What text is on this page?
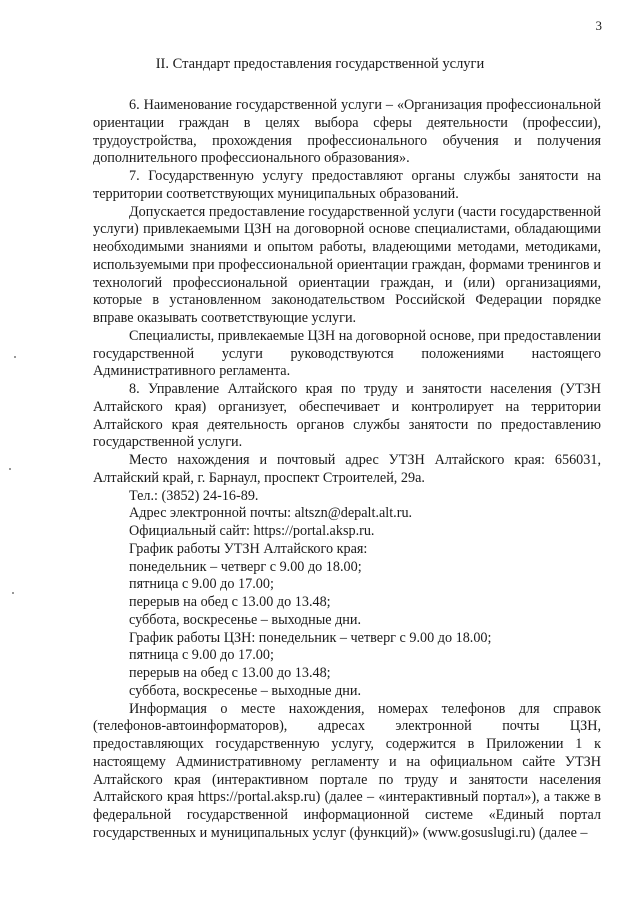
3
II. Стандарт предоставления государственной услуги

6. Наименование государственной услуги – «Организация профессиональной ориентации граждан в целях выбора сферы деятельности (профессии), трудоустройства, прохождения профессионального обучения и получения дополнительного профессионального образования».

7. Государственную услугу предоставляют органы службы занятости на территории соответствующих муниципальных образований.

Допускается предоставление государственной услуги (части государственной услуги) привлекаемыми ЦЗН на договорной основе специалистами, обладающими необходимыми знаниями и опытом работы, владеющими методами, методиками, используемыми при профессиональной ориентации граждан, формами тренингов и технологий профессиональной ориентации граждан, и (или) организациями, которые в установленном законодательством Российской Федерации порядке вправе оказывать соответствующие услуги.

Специалисты, привлекаемые ЦЗН на договорной основе, при предоставлении государственной услуги руководствуются положениями настоящего Административного регламента.

8. Управление Алтайского края по труду и занятости населения (УТЗН Алтайского края) организует, обеспечивает и контролирует на территории Алтайского края деятельность органов службы занятости по предоставлению государственной услуги.

Место нахождения и почтовый адрес УТЗН Алтайского края: 656031, Алтайский край, г. Барнаул, проспект Строителей, 29а.

Тел.: (3852) 24-16-89.
Адрес электронной почты: altszn@depalt.alt.ru.
Официальный сайт: https://portal.aksp.ru.
График работы УТЗН Алтайского края:
понедельник – четверг с 9.00 до 18.00;
пятница с 9.00 до 17.00;
перерыв на обед с 13.00 до 13.48;
суббота, воскресенье – выходные дни.
График работы ЦЗН: понедельник – четверг с 9.00 до 18.00;
пятница с 9.00 до 17.00;
перерыв на обед с 13.00 до 13.48;
суббота, воскресенье – выходные дни.

Информация о месте нахождения, номерах телефонов для справок (телефонов-автоинформаторов), адресах электронной почты ЦЗН, предоставляющих государственную услугу, содержится в Приложении 1 к настоящему Административному регламенту и на официальном сайте УТЗН Алтайского края (интерактивном портале по труду и занятости населения Алтайского края https://portal.aksp.ru) (далее – «интерактивный портал»), а также в федеральной государственной информационной системе «Единый портал государственных и муниципальных услуг (функций)» (www.gosuslugi.ru) (далее –
